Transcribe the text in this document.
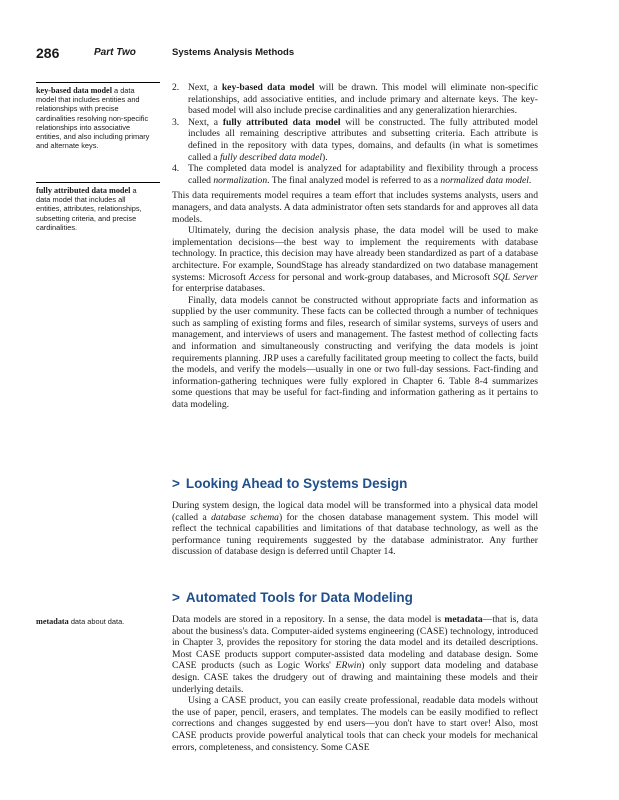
286	Part Two	Systems Analysis Methods
key-based data model a data model that includes entities and relationships with precise cardinalities resolving non-specific relationships into associative entities, and also including primary and alternate keys.
fully attributed data model a data model that includes all entities, attributes, relationships, subsetting criteria, and precise cardinalities.
metadata data about data.
2. Next, a key-based data model will be drawn. This model will eliminate non-specific relationships, add associative entities, and include primary and alternate keys. The key-based model will also include precise cardinalities and any generalization hierarchies.
3. Next, a fully attributed data model will be constructed. The fully attributed model includes all remaining descriptive attributes and subsetting criteria. Each attribute is defined in the repository with data types, domains, and defaults (in what is sometimes called a fully described data model).
4. The completed data model is analyzed for adaptability and flexibility through a process called normalization. The final analyzed model is referred to as a normalized data model.

This data requirements model requires a team effort that includes systems analysts, users and managers, and data analysts. A data administrator often sets standards for and approves all data models.

Ultimately, during the decision analysis phase, the data model will be used to make implementation decisions—the best way to implement the requirements with database technology. In practice, this decision may have already been standardized as part of a database architecture. For example, SoundStage has already standardized on two database management systems: Microsoft Access for personal and work-group databases, and Microsoft SQL Server for enterprise databases.

Finally, data models cannot be constructed without appropriate facts and information as supplied by the user community. These facts can be collected through a number of techniques such as sampling of existing forms and files, research of similar systems, surveys of users and management, and interviews of users and management. The fastest method of collecting facts and information and simultaneously constructing and verifying the data models is joint requirements planning. JRP uses a carefully facilitated group meeting to collect the facts, build the models, and verify the models—usually in one or two full-day sessions. Fact-finding and information-gathering techniques were fully explored in Chapter 6. Table 8-4 summarizes some questions that may be useful for fact-finding and information gathering as it pertains to data modeling.

> Looking Ahead to Systems Design

During system design, the logical data model will be transformed into a physical data model (called a database schema) for the chosen database management system. This model will reflect the technical capabilities and limitations of that database technology, as well as the performance tuning requirements suggested by the database administrator. Any further discussion of database design is deferred until Chapter 14.

> Automated Tools for Data Modeling

Data models are stored in a repository. In a sense, the data model is metadata—that is, data about the business's data. Computer-aided systems engineering (CASE) technology, introduced in Chapter 3, provides the repository for storing the data model and its detailed descriptions. Most CASE products support computer-assisted data modeling and database design. Some CASE products (such as Logic Works' ERwin) only support data modeling and database design. CASE takes the drudgery out of drawing and maintaining these models and their underlying details.

Using a CASE product, you can easily create professional, readable data models without the use of paper, pencil, erasers, and templates. The models can be easily modified to reflect corrections and changes suggested by end users—you don't have to start over! Also, most CASE products provide powerful analytical tools that can check your models for mechanical errors, completeness, and consistency. Some CASE
